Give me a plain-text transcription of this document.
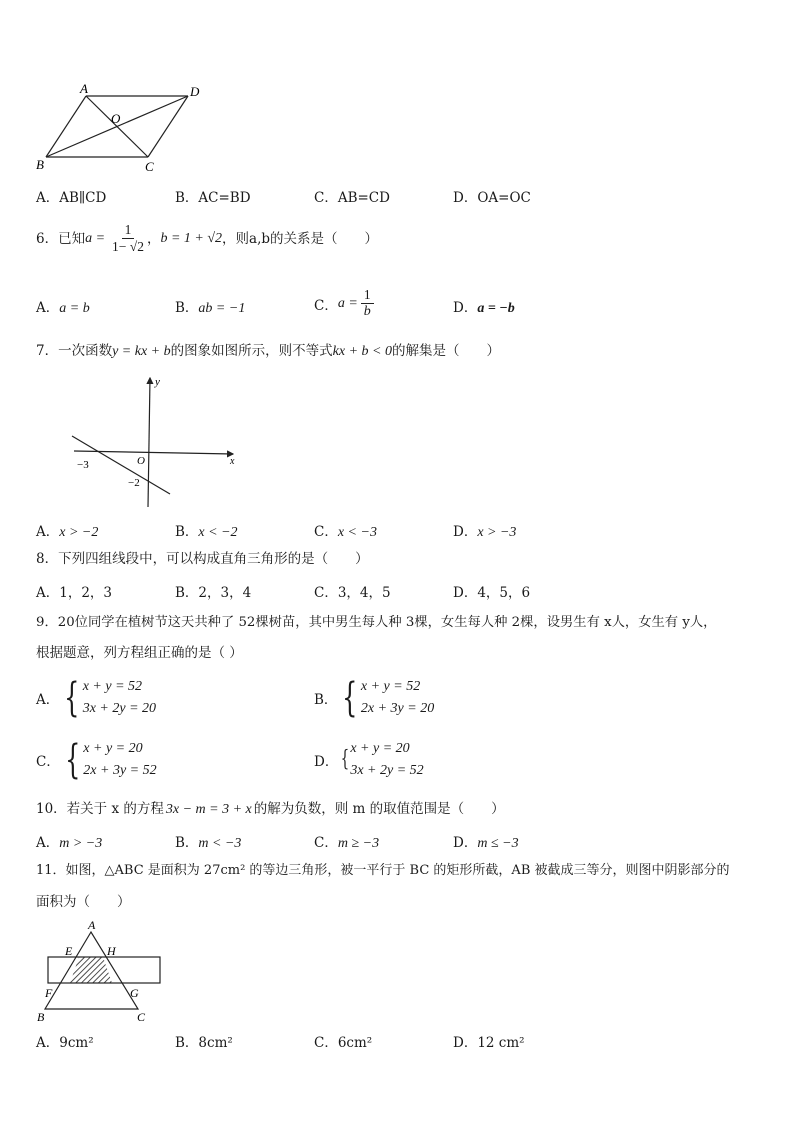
A	D
O
B	C
A．AB∥CD	B．AC=BD	C．AB=CD	D．OA=OC
6．已知 $a = \frac{1}{1- √2}$ ， b = 1 + √2 ，则a,b的关系是（　　）
A．a = b	B．ab = −1	C． $a = \frac{1}{b}$	D．a = −b
7．一次函数y = kx + b的图象如图所示，则不等式kx + b < 0的解集是（　　）
y
x
O
−3
−2
A．x > −2	B．x < −2	C．x < −3	D．x > −3
8．下列四组线段中，可以构成直角三角形的是（　　）
A．1，2，3	B．2，3，4	C．3，4，5	D．4，5，6
9．20位同学在植树节这天共种了 52棵树苗，其中男生每人种 3棵，女生每人种 2棵，设男生有 x人，女生有 y人，
根据题意，列方程组正确的是（ ）
A． { x + y = 52
3x + 2y = 20
B． { x + y = 52
2x + 3y = 20
C． { x + y = 20
2x + 3y = 52
D． { x + y = 20
3x + 2y = 52
10．若关于 x 的方程 3x − m = 3 + x 的解为负数，则 m 的取值范围是（　　）
A．m > −3	B．m < −3	C．m ≥ −3	D．m ≤ −3
11．如图，△ABC 是面积为 27cm² 的等边三角形，被一平行于 BC 的矩形所截，AB 被截成三等分，则图中阴影部分的
面积为（　　）
A
E	H
F	G
B	C
A．9cm²	B．8cm²	C．6cm²	D．12 cm²
